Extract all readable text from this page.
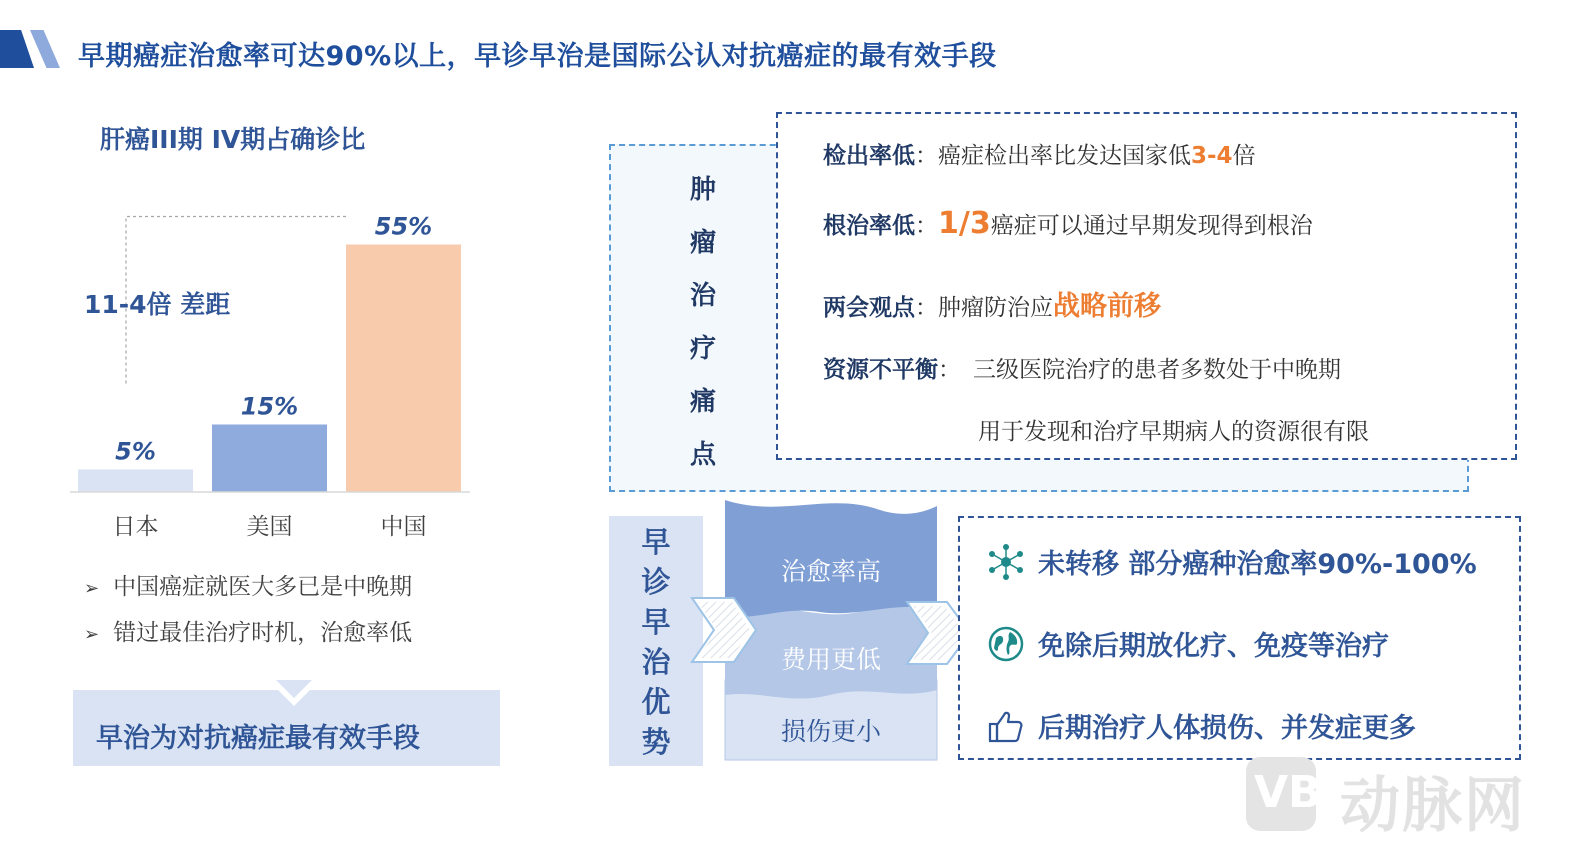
早期癌症治愈率可达90%以上，早诊早治是国际公认对抗癌症的最有效手段
肝癌III期 IV期占确诊比
5%
日本
15%
美国
55%
中国
11-4倍 差距
➢ 中国癌症就医大多已是中晚期
➢ 错过最佳治疗时机，治愈率低
早治为对抗癌症最有效手段
肿
瘤
治
疗
痛
点
检出率低：癌症检出率比发达国家低3-4倍
根治率低：1/3癌症可以通过早期发现得到根治
两会观点：肿瘤防治应战略前移
资源不平衡： 三级医院治疗的患者多数处于中晚期
用于发现和治疗早期病人的资源很有限
早
诊
早
治
优
势
治愈率高
费用更低
损伤更小
未转移 部分癌种治愈率90%-100%
免除后期放化疗、免疫等治疗
后期治疗人体损伤、并发症更多
VB 动脉网
